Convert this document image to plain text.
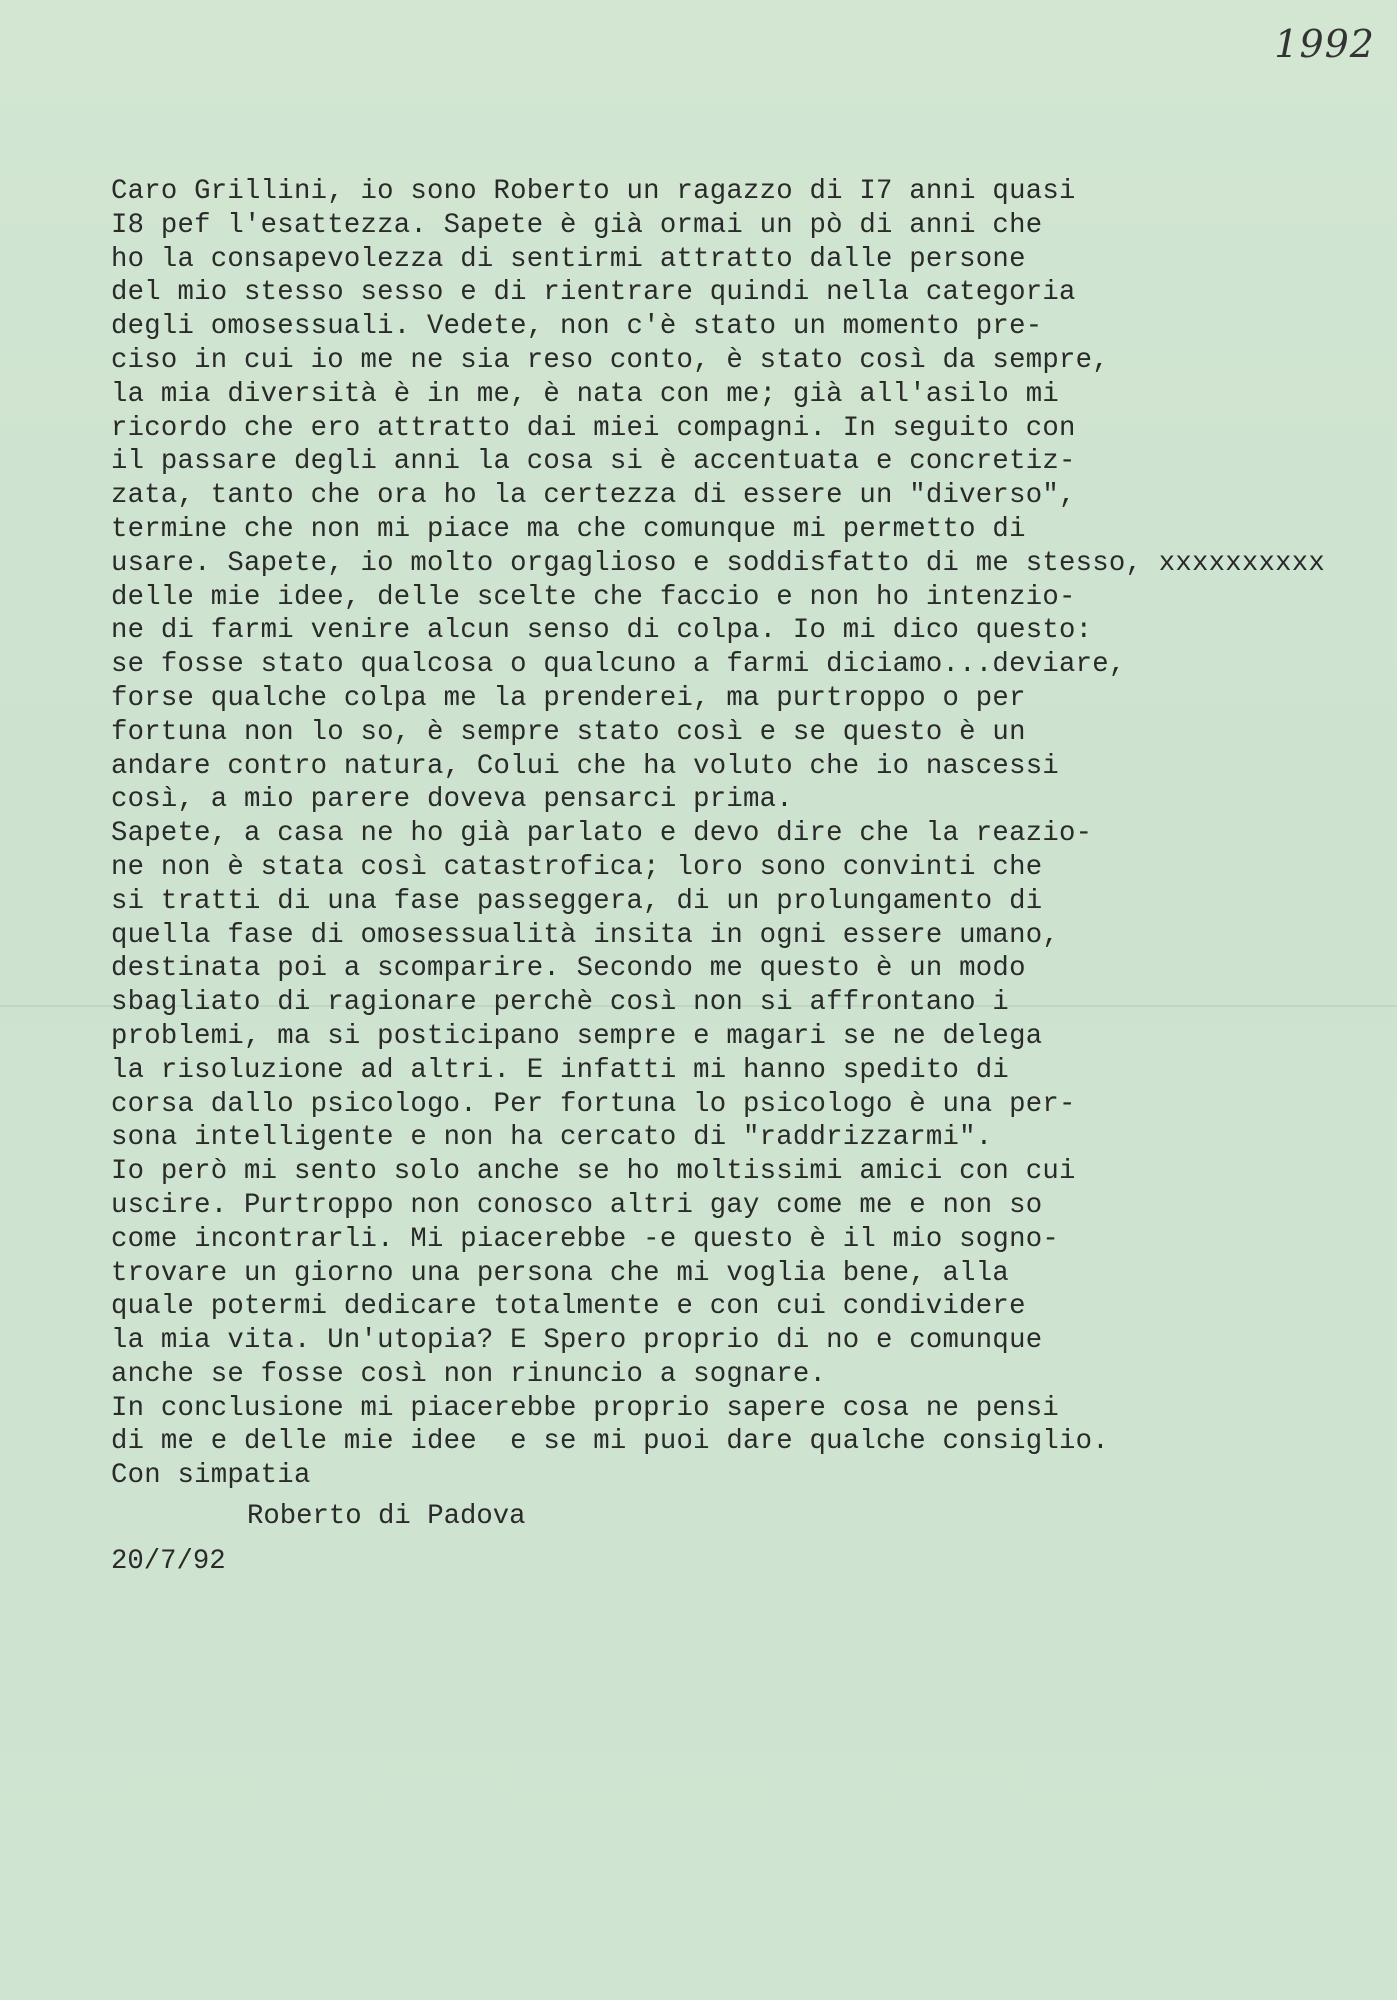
1992
Caro Grillini, io sono Roberto un ragazzo di I7 anni quasi
I8 pef l'esattezza. Sapete è già ormai un pò di anni che
ho la consapevolezza di sentirmi attratto dalle persone
del mio stesso sesso e di rientrare quindi nella categoria
degli omosessuali. Vedete, non c'è stato un momento pre-
ciso in cui io me ne sia reso conto, è stato così da sempre,
la mia diversità è in me, è nata con me; già all'asilo mi
ricordo che ero attratto dai miei compagni. In seguito con
il passare degli anni la cosa si è accentuata e concretiz-
zata, tanto che ora ho la certezza di essere un "diverso",
termine che non mi piace ma che comunque mi permetto di
usare. Sapete, io molto orgaglioso e soddisfatto di me stesso, xxxxxxxxxx
delle mie idee, delle scelte che faccio e non ho intenzio-
ne di farmi venire alcun senso di colpa. Io mi dico questo:
se fosse stato qualcosa o qualcuno a farmi diciamo...deviare,
forse qualche colpa me la prenderei, ma purtroppo o per
fortuna non lo so, è sempre stato così e se questo è un
andare contro natura, Colui che ha voluto che io nascessi
così, a mio parere doveva pensarci prima.
Sapete, a casa ne ho già parlato e devo dire che la reazio-
ne non è stata così catastrofica; loro sono convinti che
si tratti di una fase passeggera, di un prolungamento di
quella fase di omosessualità insita in ogni essere umano,
destinata poi a scomparire. Secondo me questo è un modo
sbagliato di ragionare perchè così non si affrontano i
problemi, ma si posticipano sempre e magari se ne delega
la risoluzione ad altri. E infatti mi hanno spedito di
corsa dallo psicologo. Per fortuna lo psicologo è una per-
sona intelligente e non ha cercato di "raddrizzarmi".
Io però mi sento solo anche se ho moltissimi amici con cui
uscire. Purtroppo non conosco altri gay come me e non so
come incontrarli. Mi piacerebbe -e questo è il mio sogno-
trovare un giorno una persona che mi voglia bene, alla
quale potermi dedicare totalmente e con cui condividere
la mia vita. Un'utopia? E Spero proprio di no e comunque
anche se fosse così non rinuncio a sognare.
In conclusione mi piacerebbe proprio sapere cosa ne pensi
di me e delle mie idee  e se mi puoi dare qualche consiglio.
Con simpatia
Roberto di Padova
20/7/92
